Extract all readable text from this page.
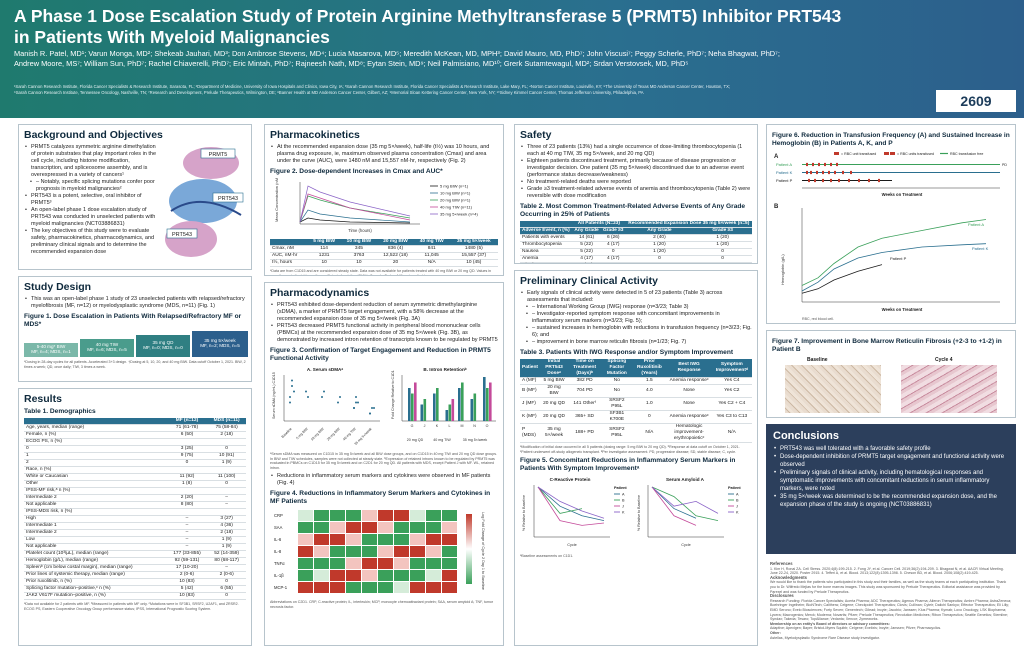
A Phase 1 Dose Escalation Study of Protein Arginine Methyltransferase 5 (PRMT5) Inhibitor PRT543
in Patients With Myeloid Malignancies
Manish R. Patel, MD¹; Varun Monga, MD²; Shekeab Jauhari, MD³; Don Ambrose Stevens, MD⁴; Lucia Masarova, MD⁵; Meredith McKean, MD, MPH³; David Mauro, MD, PhD⁷; John Viscusi⁷; Peggy Scherle, PhD⁷; Neha Bhagwat, PhD⁷;
Andrew Moore, MS⁷; William Sun, PhD⁷; Rachel Chiaverelli, PhD⁷; Eric Mintah, PhD⁷; Rajneesh Nath, MD⁸; Eytan Stein, MD⁹; Neil Palmisiano, MD¹⁰; Grerk Sutamtewagul, MD²; Srdan Verstovsek, MD, PhD⁵
¹Sarah Cannon Research Institute, Florida Cancer Specialists & Research Institute, Sarasota, FL; ²Department of Medicine, University of Iowa Hospitals and Clinics, Iowa City, IA; ³Sarah Cannon Research Institute, Florida Cancer Specialists & Research Institute, Lake Mary, FL; ⁴Norton Cancer Institute, Louisville, KY; ⁵The University of Texas MD Anderson Cancer Center, Houston, TX;
⁶Sarah Cannon Research Institute, Tennessee Oncology, Nashville, TN; ⁷Research and Development, Prelude Therapeutics, Wilmington, DE; ⁸Banner Health at MD Anderson Cancer Center, Gilbert, AZ; ⁹Memorial Sloan Kettering Cancer Center, New York, NY; ¹⁰Sidney Kimmel Cancer Center, Thomas Jefferson University, Philadelphia, PA
2609
Background and Objectives
• PRMT5 catalyzes symmetric arginine dimethylation of protein substrates that play important roles in the cell cycle, including histone modification, transcription, and spliceosome assembly, and is overexpressed in a variety of cancers¹
• – Notably, specific splicing mutations confer poor prognosis in myeloid malignancies²
• PRT543 is a potent, selective, oral inhibitor of PRMT5³
• An open-label phase 1 dose escalation study of PRT543 was conducted in unselected patients with myeloid malignancies (NCT03886831)
• The key objectives of this study were to evaluate safety, pharmacokinetics, pharmacodynamics, and preliminary clinical signals and to determine the recommended expansion dose
PRMT5
PRT543
PRT543
Study Design
• This was an open-label phase 1 study of 23 unselected patients with relapsed/refractory myelofibrosis (MF, n=12) or myelodysplastic syndrome (MDS, n=11) (Fig. 1)
Figure 1. Dose Escalation in Patients With Relapsed/Refractory MF or MDS*
5-40 mg* BIW
MF, n=4; MDS, n=1
40 mg TIW
MF, n=6; MDS, n=5
35 mg QD
MF, n=0; MDS, n=0
35 mg 5×/week
MF, n=2; MDS, n=5
*Dosing in 28-day cycles for all patients. Accelerated 3+3 design. †Dosing at 5, 10, 20, and 40 mg BIW. Data cutoff October 1, 2021. BIW, 2 times a week; QD, once daily; TIW, 3 times a week.
Results
Table 1. Demographics
	MF (n=12)	MDS (n=11)
Age, years, median (range)	71 (61-78)	75 (58-84)
Female, n (%)	6 (50)	2 (18)
ECOG PS, n (%)		
0	3 (25)	0
1	9 (75)	10 (91)
2	0	1 (9)
Race, n (%)		
White or Caucasian	11 (92)	11 (100)
Other	1 (8)	0
IPSS-MF risk,ᵃ n (%)		
Intermediate 2	2 (20)	–
Not applicable	8 (80)	–
IPSS-MDS risk, n (%)		
High	–	3 (27)
Intermediate 1	–	4 (36)
Intermediate 2	–	2 (18)
Low	–	1 (9)
Not applicable	–	1 (9)
Platelet count (10³/µL), median (range)	177 (33-855)	52 (14-359)
Hemoglobin (g/L), median (range)	92 (59-131)	80 (68-117)
Spleenᵇ (cm below costal margin), median (range)	17 (10-20)	–
Prior lines of systemic therapy, median (range)	2 (0-6)	2 (0-6)
Prior ruxolitinib, n (%)	10 (83)	0
Splicing factor mutation–positive,ᶜ n (%)	5 (42)	6 (55)
JAK2 V617F mutation–positive, n (%)	10 (83)	0
ᵃData not available for 2 patients with MF. ᵇMeasured in patients with MF only. ᶜMutations were in SF3B1, SRSF2, U2AF1, and ZRSR2. ECOG PS, Eastern Cooperative Oncology Group performance status; IPSS, International Prognostic Scoring System.
Pharmacokinetics
• At the recommended expansion dose (35 mg 5×/week), half-life (t½) was 10 hours, and plasma drug exposure, ie, maximum observed plasma concentration (Cmax) and area under the curve (AUC), were 1480 nM and 15,557 nM·hr, respectively (Fig. 2)
Figure 2. Dose-dependent Increases in Cmax and AUC*
Mean Concentration (nM)
Time (hours)
5 mg BIW (n=1)
10 mg BIW (n=1)
20 mg BIW (n=1)
40 mg TIW (n=11)
35 mg 5×/week (n=4)
	5 mg BIW	10 mg BIW	20 mg BIW	40 mg TIW	35 mg 5×/week
Cmax, nM	114	345	836 (4)	841	1480 (5)
AUC, nM·hr	1231	3763	12,522 (18)	11,045	15,557 (37)
t½, hours	10	10	20	N/A	10 (45)
*Data are from C1D15 and are considered steady state. Data was not available for patients treated with 40 mg BIW or 20 mg QD. Values in parentheses in the table are the coefficient of variation (CV%). C, cycle; D, day; N/A, not applicable.
Pharmacodynamics
• PRT543 exhibited dose-dependent reduction of serum symmetric dimethylarginine (sDMA), a marker of PRMT5 target engagement, with a 58% decrease at the recommended expansion dose of 35 mg 5×/week (Fig. 3A)
• PRT543 decreased PRMT5 functional activity in peripheral blood mononuclear cells (PBMCs) at the recommended expansion dose of 35 mg 5×/week (Fig. 3B), as demonstrated by increased intron retention of transcripts known to be regulated by PRMT5
Figure 3. Confirmation of Target Engagement and Reduction in PRMT5 Functional Activity
A. Serum sDMAᵃ	B. Intron Retentionᵇ
Serum sDMA (ng/mL) C1D15
Baseline 5 mg BIW 10 mg BIW 20 mg BIW 40 mg TIW
35 mg 5×/week
Fold Change Relative to C1D1
G	J	K	L	M	N	O
20 mg QD	40 mg TIW	35 mg 5×/week
ᵃSerum sDMA was measured on C1D15 in 35 mg 5×/week and all BIW dose groups, and on C1D15 in 40 mg TIW and 20 mg QD dose groups. In BIW and TIW schedules, samples were not collected at steady state. ᵇExpression of retained introns known to be regulated by PRMT5 was evaluated in PBMCs on C1D15 for 35 mg 5×/week and on C2D1 for 20 mg QD. All patients with MDS, except Patient J with MF. WL, retained intron.
• Reductions in inflammatory serum markers and cytokines were observed in MF patients (Fig. 4)
Figure 4. Reductions in Inflammatory Serum Markers and Cytokines in MF Patients
CRP
SAA
IL-6
IL-8
TNFα
IL-1β
MCP-1	Log Fold Change of Cycle 2 Day 1 to Baseline
Abbreviations on C2D1. CRP, C-reactive protein; IL, interleukin; MCP, monocyte chemoattractant protein; SAA, serum amyloid A; TNF, tumor necrosis factor.
Safety
• Three of 23 patients (13%) had a single occurrence of dose-limiting thrombocytopenia (1 each at 40 mg TIW, 35 mg 5×/week, and 20 mg QD)
• Eighteen patients discontinued treatment, primarily because of disease progression or investigator decision. One patient (35 mg 5×/week) discontinued due to an adverse event (performance status decrease/weakness)
• No treatment-related deaths were reported
• Grade ≥3 treatment-related adverse events of anemia and thrombocytopenia (Table 2) were reversible with dose modification
Table 2. Most Common Treatment-Related Adverse Events of Any Grade Occurring in 25% of Patients
	All Patients (N=23)		Recommended Expansion Dose 35 mg 5×/week (n=5)	
Adverse Event, n (%)	Any Grade	Grade ≥3	Any Grade	Grade ≥3
Patients with events	14 (61)	6 (26)	2 (40)	1 (20)
Thrombocytopenia	5 (22)	4 (17)	1 (20)	1 (20)
Nausea	5 (22)	0	1 (20)	0
Anemia	4 (17)	4 (17)	0	0

Preliminary Clinical Activity
• Early signals of clinical activity were detected in 5 of 23 patients (Table 3) across assessments that included:
• – International Working Group (IWG) response (n=3/23; Table 3)
• – Investigator-reported symptom response with concomitant improvements in inflammatory serum markers (n=3/23; Fig. 5);
• – sustained increases in hemoglobin with reductions in transfusion frequency (n=3/23; Fig. 6); and
• – improvement in bone marrow reticulin fibrosis (n=1/23; Fig. 7)
Table 3. Patients With IWG Response and/or Symptom Improvement
Patient	Initial PRT543 Doseᵃ	Time on Treatment (Days)ᵇ	Splicing Factor Mutation	Prior Ruxolitinib (Years)	Best IWG Response	Symptom Improvementᵈ
A (MF)	5 mg BIW	382 PD	No	1.5	Anemia responseᶜ	Yes C4
B (MF)	20 mg BIW	704 PD	No	4.0	None	Yes C2
J (MF)	20 mg QD	141 Otherᶠ	SRSF2 P95L	1.0	None	Yes C2 + C4
K (MF)	20 mg QD	365+ SD	SF3B1 K700E	0	Anemia responseᶜ	Yes C3 to C13
P (MDS)	35 mg 5×/week	188+ PD	SRSF2 P95L	N/A	Hematologic improvement-erythropoieticᶜ	N/A
ᵃModification of initial dose occurred in all 5 patients (dosing range: 5 mg BIW to 20 mg QD). ᵇResponse at data cutoff on October 1, 2021. ᶜPatient underwent off-study allogeneic transplant. ᵈPer investigator assessment. PD, progressive disease; SD, stable disease; C, cycle.
Figure 5. Concomitant Reductions in Inflammatory Serum Markers in Patients With Symptom Improvementᵃ
C-Reactive Protein	Serum Amyloid A
% Relative to Baseline	% Relative to Baseline
Cycle	Cycle
Patient	Patient
A	A
B	B
J	J
K	K
ᵃBaseline assessments on C1D1.
Figure 6. Reduction in Transfusion Frequency (A) and Sustained Increase in Hemoglobin (B) in Patients A, K, and P
A	= RBC unit transfused	= RBC units transfused	RBC transfusion free
Patient A
Patient K
Patient P
PD
Weeks on Treatment
B
Hemoglobin (g/L)
Patient A
Patient K
Patient P
Weeks on Treatment
RBC, red blood cell.
Figure 7. Improvement in Bone Marrow Reticulin Fibrosis (+2-3 to +1-2) in Patient B
Baseline	Cycle 4
Conclusions
• PRT543 was well tolerated with a favorable safety profile
• Dose-dependent inhibition of PRMT5 target engagement and functional activity were observed
• Preliminary signals of clinical activity, including hematological responses and symptomatic improvements with concomitant reductions in serum inflammatory markers, were noted
• 35 mg 5×/week was determined to be the recommended expansion dose, and the expansion phase of the study is ongoing (NCT03886831)
References
1. Kim H, Ronai ZA. Cell Stress. 2020;4(8):199-215. 2. Fong JY, et al. Cancer Cell. 2019;36(2):194-209. 3. Bhagwat N, et al. AACR Virtual Meeting. June 22-24, 2020. Poster 2915. 4. Tefferi A, et al. Blood. 2013;122(8):1395-1398. 5. Cheson BD, et al. Blood. 2006;108(2):419-425.
Acknowledgments
We would like to thank the patients who participated in this study and their families, as well as the study teams at each participating institution. Thank you to Dr. Wilfredo Mejias for the bone marrow images. This study was sponsored by Prelude Therapeutics. Editorial assistance was provided by Parexel and was funded by Prelude Therapeutics.
Disclosures
Research Funding: Florida Cancer Specialists; Acerta Pharma; ADC Therapeutics; Agenus Pharma; Aileron Therapeutics; Ambrx Pharma; AstraZeneca; Boehringer Ingelheim; BioNTech; Calithera; Celgene; Checkpoint Therapeutics; Clovis; Cullinan; Cyteir; Daiichi Sankyo; Effector Therapeutics; Eli Lilly; EMD Serono; Evelo Biosciences; Forty Seven; Genentech; Gilead; Incyte; Jacobio; Janssen; Klus Pharma; Kymab; Loxo Oncology; LSK Biopharma; Lycera; Macrogenics; Merck; Moderna; Novartis; Pfizer; Prelude Therapeutics; Revolution Medicines; Ribon Therapeutics; Seattle Genetics; Stemline; Syndax; Takeda; Tesaro; TopAlliance; Vedanta; Xencor; Zymeworks.
Membership on an entity's Board of directors or advisory committees:
Adaptive; Apexigen; Bayer; Bristol-Myers Squibb; Celgene; Exelixis; Incyte; Janssen; Pfizer; Pharmacyclics.
Other:
Astellas, Myelodysplastic Syndrome Rare Disease study investigator.
